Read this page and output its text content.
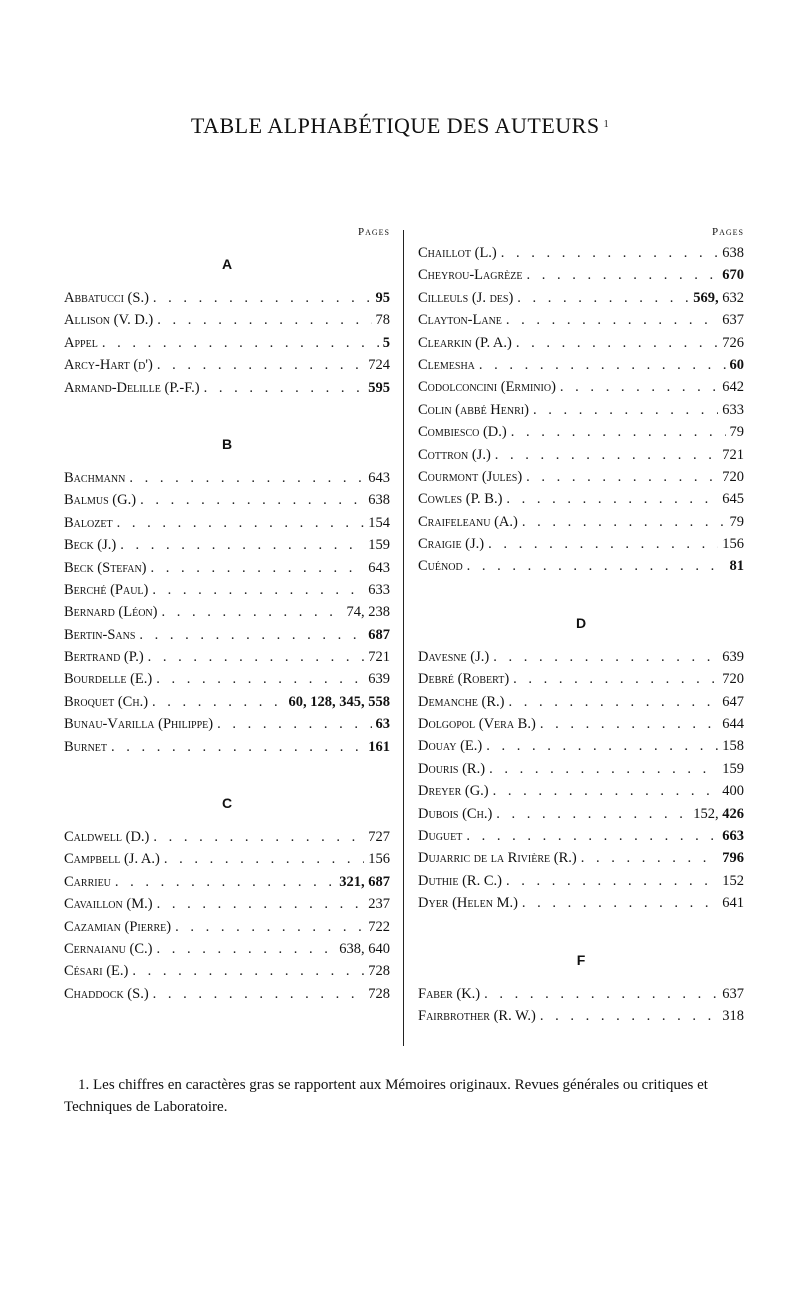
TABLE ALPHABÉTIQUE DES AUTEURS $^1$
Pages
A
Abbatucci (S.) . . .	95
Allison (V. D.) . . .	78
Appel . . .	5
Arcy-Hart (d') . . .	724
Armand-Delille (P.-F.) . . .	595
B
Bachmann . . .	643
Balmus (G.) . . .	638
Balozet . . .	154
Beck (J.) . . .	159
Beck (Stefan) . . .	643
Berché (Paul) . . .	633
Bernard (Léon) . . .	74, 238
Bertin-Sans . . .	687
Bertrand (P.) . . .	721
Bourdelle (E.) . . .	639
Broquet (Ch.) . . .	60, 128, 345, 558
Bunau-Varilla (Philippe) . . .	63
Burnet . . .	161
C
Caldwell (D.) . . .	727
Campbell (J. A.) . . .	156
Carrieu . . .	321, 687
Cavaillon (M.) . . .	237
Cazamian (Pierre) . . .	722
Cernaianu (C.) . . .	638, 640
Césari (E.) . . .	728
Chaddock (S.) . . .	728
Pages
Chaillot (L.) . . .	638
Cheyrou-Lagrèze . . .	670
Cilleuls (J. des) . . .	569, 632
Clayton-Lane . . .	637
Clearkin (P. A.) . . .	726
Clemesha . . .	60
Codolconcini (Erminio) . . .	642
Colin (abbé Henri) . . .	633
Combiesco (D.) . . .	79
Cottron (J.) . . .	721
Courmont (Jules) . . .	720
Cowles (P. B.) . . .	645
Craifeleanu (A.) . . .	79
Craigie (J.) . . .	156
Cuénod . . .	81
D
Davesne (J.) . . .	639
Debré (Robert) . . .	720
Demanche (R.) . . .	647
Dolgopol (Vera B.) . . .	644
Douay (E.) . . .	158
Douris (R.) . . .	159
Dreyer (G.) . . .	400
Dubois (Ch.) . . .	152, 426
Duguet . . .	663
Dujarric de la Rivière (R.) . . .	796
Duthie (R. C.) . . .	152
Dyer (Helen M.) . . .	641
F
Faber (K.) . . .	637
Fairbrother (R. W.) . . .	318
1. Les chiffres en caractères gras se rapportent aux Mémoires originaux. Revues générales ou critiques et Techniques de Laboratoire.
